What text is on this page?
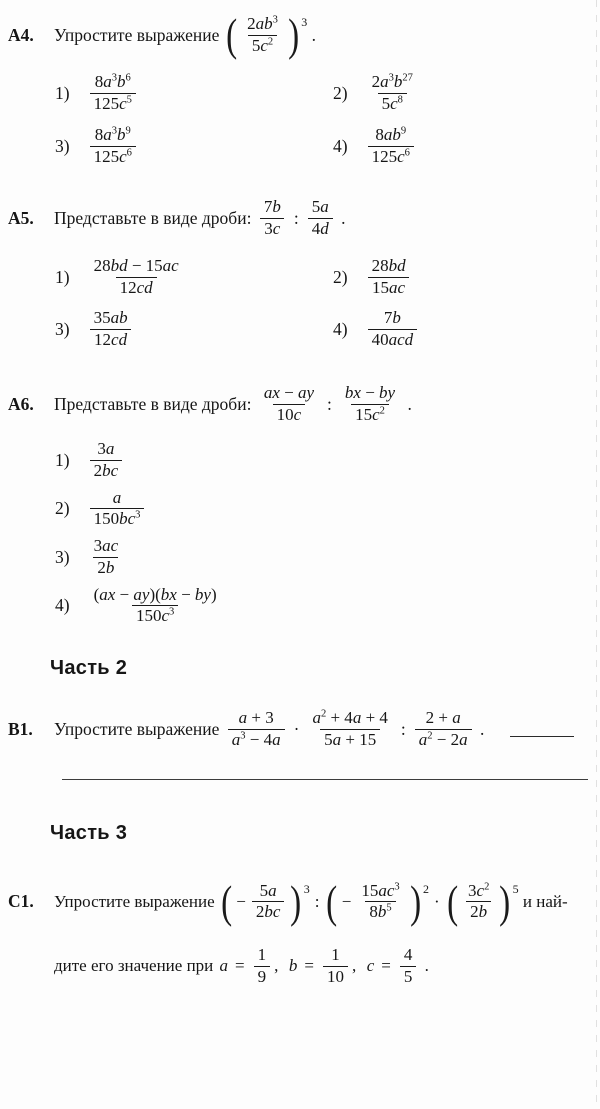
А4.	Упростите выражение ( $\frac{2ab^3}{5c^2} )^3$
.
$1) \frac{8a^3b^6}{125c^5}$	$2) \frac{2a^3b^{27}}{5c^8}$
$3) \frac{8a^3b^9}{125c^6}$	$4) \frac{8ab^9}{125c^6}$
А5.	Представьте в виде дроби: $\frac{7b}{3c}$ : $\frac{5a}{4d}$ .
$1) \frac{28bd - 15ac}{12cd}$	$2) \frac{28bd}{15ac}$
$3) \frac{35ab}{12cd}$	$4) \frac{7b}{\text{40acd}}$
А6.	Представьте в виде дроби: $\frac{ax - ay}{10c}$ : $\frac{bx - by}{15c^2}$ .
$1) \frac{3a}{2bc}$
$2) \frac{a}{150bc^3}$
$3) \frac{3ac}{2b}$
$4) \frac{(ax - ay)(bx - by)}{150c^3}$
Часть 2
В1.	Упростите выражение $\frac{a + 3}{a^3 - 4a} \cdot \frac{a^2 + 4a + 4}{5a + 15}$ : $\frac{2 + a}{a^2 - 2a}$ .
Часть 3
С1.	Упростите выражение ( − $\frac{5a}{2bc} )^3$
: ( − $\frac{15ac^3}{8b^5} )^2$
· ( $\frac{3c^2}{2b} )^5$
и най-
дите его значение при $a = \frac{1}{9}$ , $b = \frac{1}{10}$ , $c = \frac{4}{5}$ .
